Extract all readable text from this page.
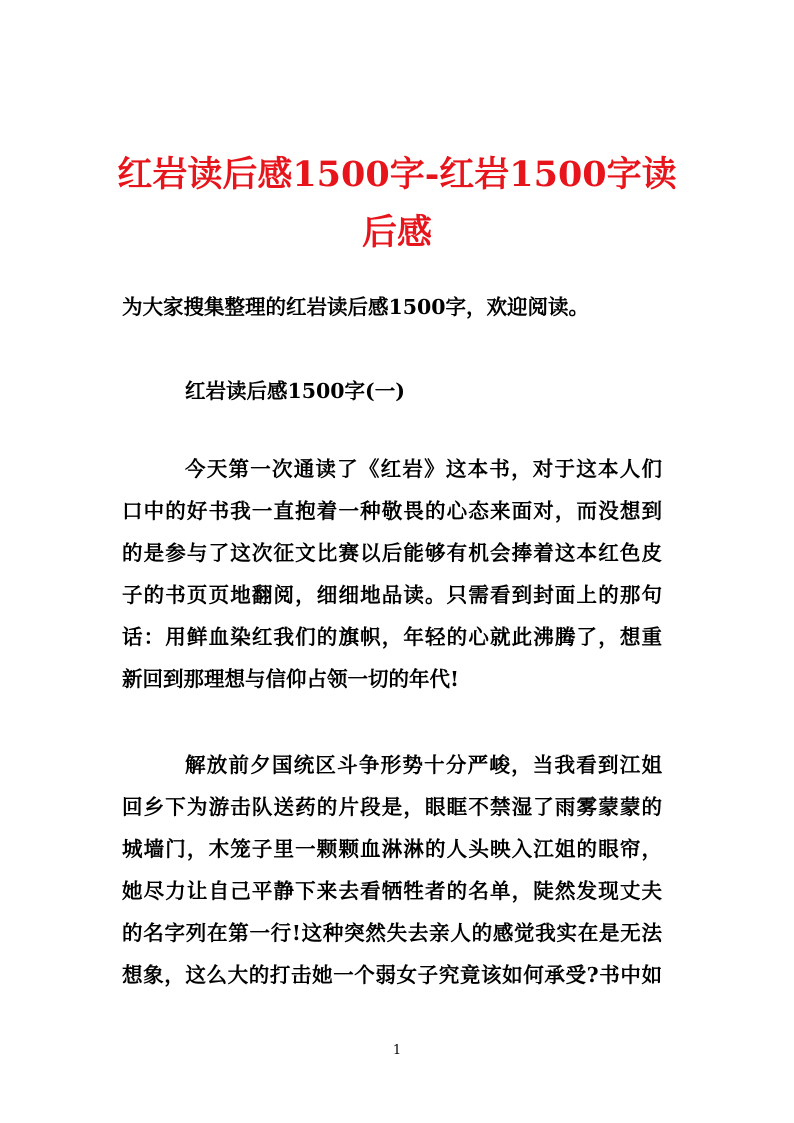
红岩读后感1500字-红岩1500字读
后感
为大家搜集整理的红岩读后感1500字，欢迎阅读。
红岩读后感1500字(一)
今天第一次通读了《红岩》这本书，对于这本人们
口中的好书我一直抱着一种敬畏的心态来面对，而没想到
的是参与了这次征文比赛以后能够有机会捧着这本红色皮
子的书页页地翻阅，细细地品读。只需看到封面上的那句
话：用鲜血染红我们的旗帜，年轻的心就此沸腾了，想重
新回到那理想与信仰占领一切的年代!
解放前夕国统区斗争形势十分严峻，当我看到江姐
回乡下为游击队送药的片段是，眼眶不禁湿了雨雾蒙蒙的
城墙门，木笼子里一颗颗血淋淋的人头映入江姐的眼帘，
她尽力让自己平静下来去看牺牲者的名单，陡然发现丈夫
的名字列在第一行!这种突然失去亲人的感觉我实在是无法
想象，这么大的打击她一个弱女子究竟该如何承受?书中如
1
